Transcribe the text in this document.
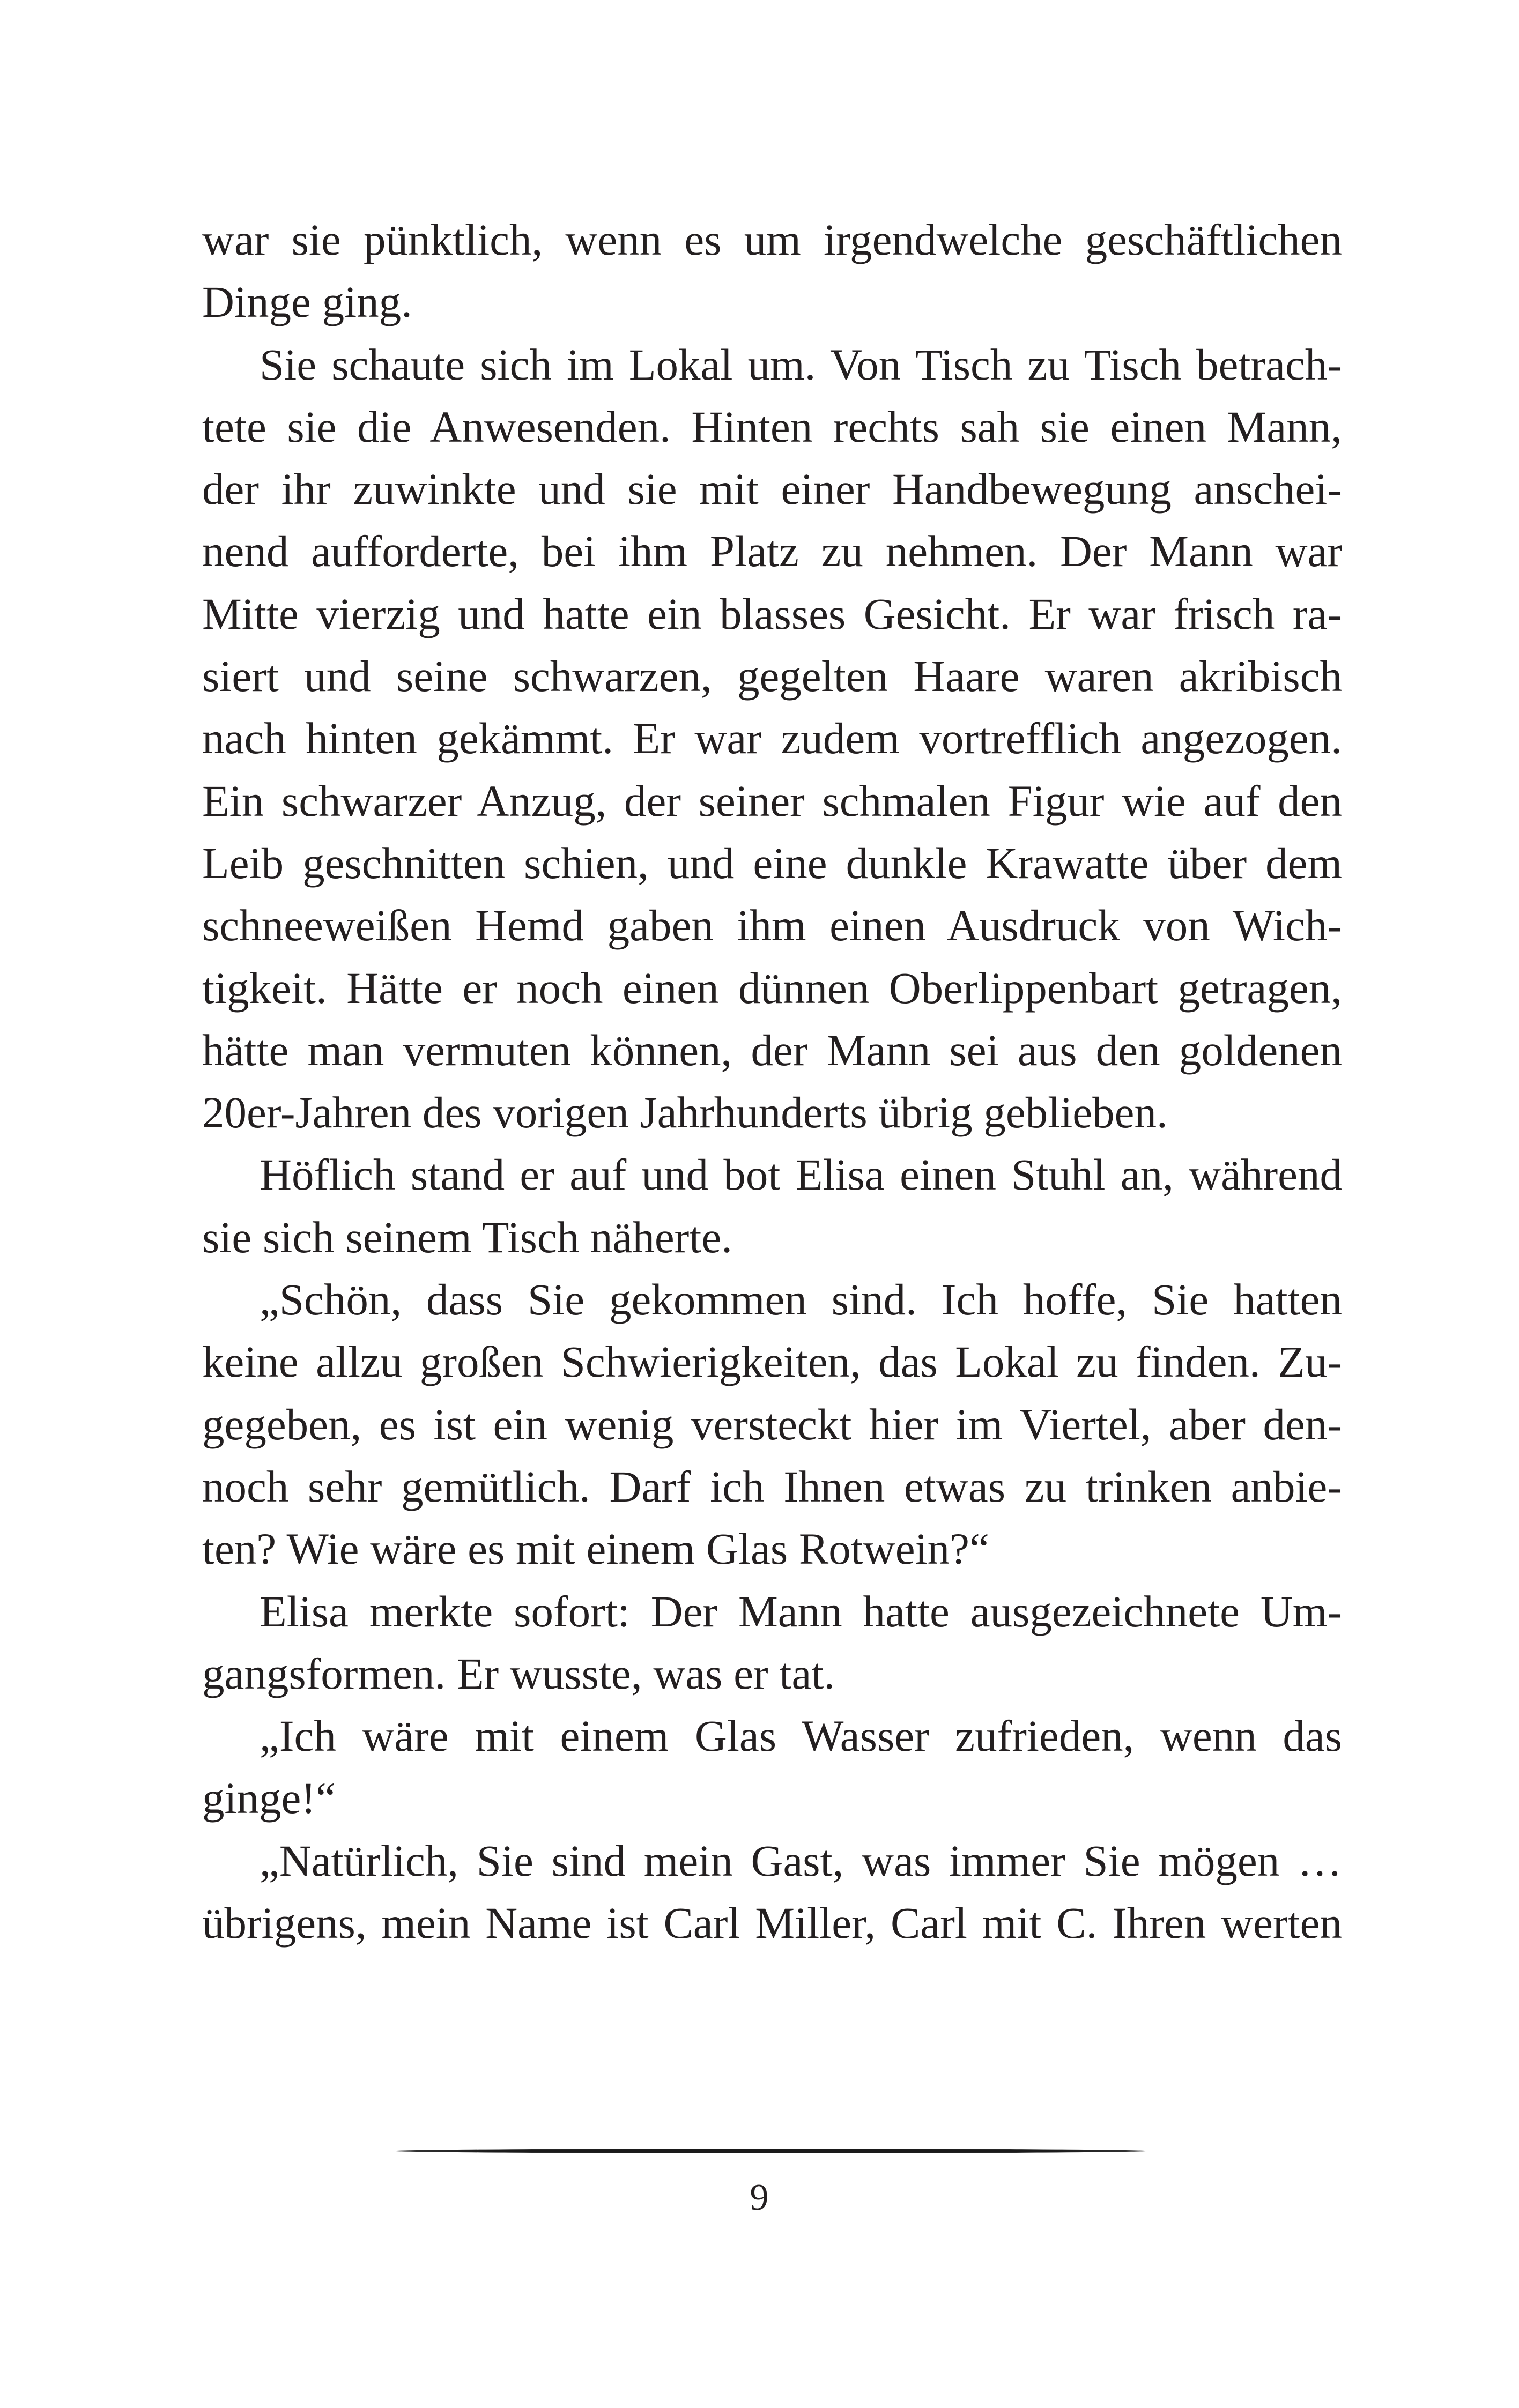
war sie pünktlich, wenn es um irgendwelche geschäftlichen
Dinge ging.
Sie schaute sich im Lokal um. Von Tisch zu Tisch betrach-
tete sie die Anwesenden. Hinten rechts sah sie einen Mann,
der ihr zuwinkte und sie mit einer Handbewegung anschei-
nend aufforderte, bei ihm Platz zu nehmen. Der Mann war
Mitte vierzig und hatte ein blasses Gesicht. Er war frisch ra-
siert und seine schwarzen, gegelten Haare waren akribisch
nach hinten gekämmt. Er war zudem vortrefflich angezogen.
Ein schwarzer Anzug, der seiner schmalen Figur wie auf den
Leib geschnitten schien, und eine dunkle Krawatte über dem
schneeweißen Hemd gaben ihm einen Ausdruck von Wich-
tigkeit. Hätte er noch einen dünnen Oberlippenbart getragen,
hätte man vermuten können, der Mann sei aus den goldenen
20er-Jahren des vorigen Jahrhunderts übrig geblieben.
Höflich stand er auf und bot Elisa einen Stuhl an, während
sie sich seinem Tisch näherte.
„Schön, dass Sie gekommen sind. Ich hoffe, Sie hatten
keine allzu großen Schwierigkeiten, das Lokal zu finden. Zu-
gegeben, es ist ein wenig versteckt hier im Viertel, aber den-
noch sehr gemütlich. Darf ich Ihnen etwas zu trinken anbie-
ten? Wie wäre es mit einem Glas Rotwein?“
Elisa merkte sofort: Der Mann hatte ausgezeichnete Um-
gangsformen. Er wusste, was er tat.
„Ich wäre mit einem Glas Wasser zufrieden, wenn das
ginge!“
„Natürlich, Sie sind mein Gast, was immer Sie mögen …
übrigens, mein Name ist Carl Miller, Carl mit C. Ihren werten
9
